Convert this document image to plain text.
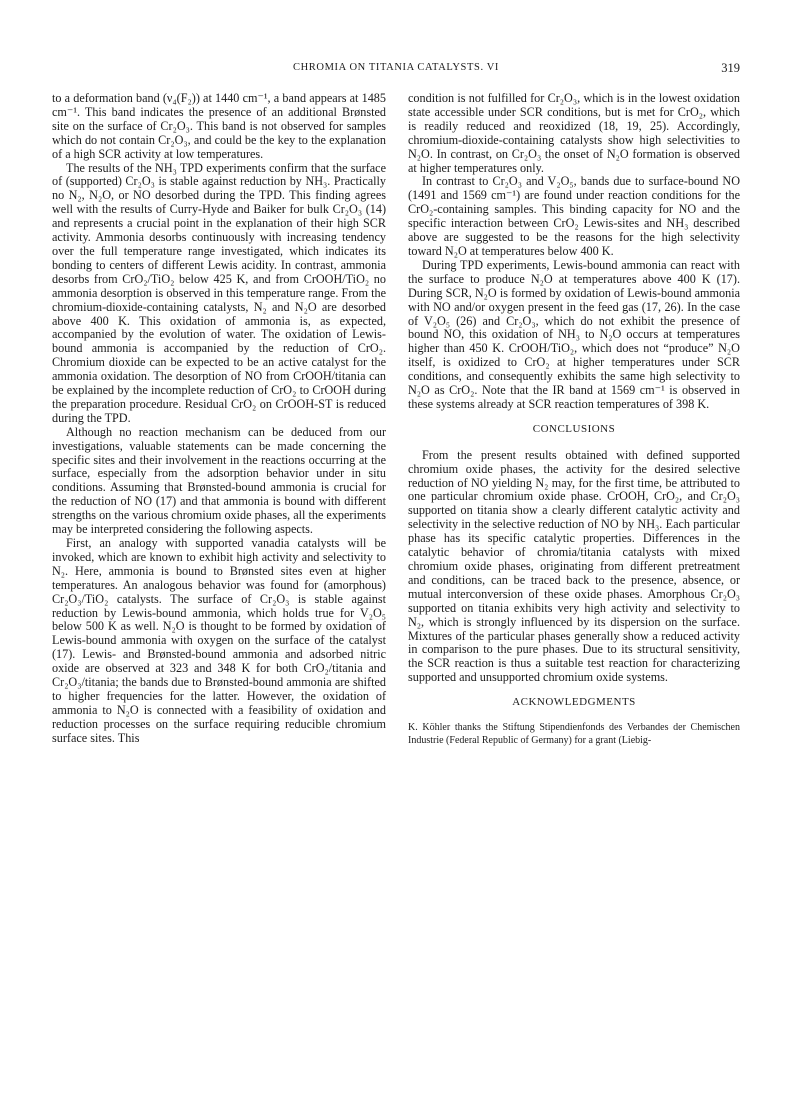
CHROMIA ON TITANIA CATALYSTS. VI	319

to a deformation band (ν₄(F₂)) at 1440 cm⁻¹, a band appears at 1485 cm⁻¹. This band indicates the presence of an additional Brønsted site on the surface of Cr₂O₃. This band is not observed for samples which do not contain Cr₂O₃, and could be the key to the explanation of a high SCR activity at low temperatures.

The results of the NH₃ TPD experiments confirm that the surface of (supported) Cr₂O₃ is stable against reduction by NH₃. Practically no N₂, N₂O, or NO desorbed during the TPD. This finding agrees well with the results of Curry-Hyde and Baiker for bulk Cr₂O₃ (14) and represents a crucial point in the explanation of their high SCR activity. Ammonia desorbs continuously with increasing tendency over the full temperature range investigated, which indicates its bonding to centers of different Lewis acidity. In contrast, ammonia desorbs from CrO₂/TiO₂ below 425 K, and from CrOOH/TiO₂ no ammonia desorption is observed in this temperature range. From the chromium-dioxide-containing catalysts, N₂ and N₂O are desorbed above 400 K. This oxidation of ammonia is, as expected, accompanied by the evolution of water. The oxidation of Lewis-bound ammonia is accompanied by the reduction of CrO₂. Chromium dioxide can be expected to be an active catalyst for the ammonia oxidation. The desorption of NO from CrOOH/titania can be explained by the incomplete reduction of CrO₂ to CrOOH during the preparation procedure. Residual CrO₂ on CrOOH-ST is reduced during the TPD.

Although no reaction mechanism can be deduced from our investigations, valuable statements can be made concerning the specific sites and their involvement in the reactions occurring at the surface, especially from the adsorption behavior under in situ conditions. Assuming that Brønsted-bound ammonia is crucial for the reduction of NO (17) and that ammonia is bound with different strengths on the various chromium oxide phases, all the experiments may be interpreted considering the following aspects.

First, an analogy with supported vanadia catalysts will be invoked, which are known to exhibit high activity and selectivity to N₂. Here, ammonia is bound to Brønsted sites even at higher temperatures. An analogous behavior was found for (amorphous) Cr₂O₃/TiO₂ catalysts. The surface of Cr₂O₃ is stable against reduction by Lewis-bound ammonia, which holds true for V₂O₅ below 500 K as well. N₂O is thought to be formed by oxidation of Lewis-bound ammonia with oxygen on the surface of the catalyst (17). Lewis- and Brønsted-bound ammonia and adsorbed nitric oxide are observed at 323 and 348 K for both CrO₂/titania and Cr₂O₃/titania; the bands due to Brønsted-bound ammonia are shifted to higher frequencies for the latter. However, the oxidation of ammonia to N₂O is connected with a feasibility of oxidation and reduction processes on the surface requiring reducible chromium surface sites. This

condition is not fulfilled for Cr₂O₃, which is in the lowest oxidation state accessible under SCR conditions, but is met for CrO₂, which is readily reduced and reoxidized (18, 19, 25). Accordingly, chromium-dioxide-containing catalysts show high selectivities to N₂O. In contrast, on Cr₂O₃ the onset of N₂O formation is observed at higher temperatures only.

In contrast to Cr₂O₃ and V₂O₅, bands due to surface-bound NO (1491 and 1569 cm⁻¹) are found under reaction conditions for the CrO₂-containing samples. This binding capacity for NO and the specific interaction between CrO₂ Lewis-sites and NH₃ described above are suggested to be the reasons for the high selectivity toward N₂O at temperatures below 400 K.

During TPD experiments, Lewis-bound ammonia can react with the surface to produce N₂O at temperatures above 400 K (17). During SCR, N₂O is formed by oxidation of Lewis-bound ammonia with NO and/or oxygen present in the feed gas (17, 26). In the case of V₂O₅ (26) and Cr₂O₃, which do not exhibit the presence of bound NO, this oxidation of NH₃ to N₂O occurs at temperatures higher than 450 K. CrOOH/TiO₂, which does not “produce” N₂O itself, is oxidized to CrO₂ at higher temperatures under SCR conditions, and consequently exhibits the same high selectivity to N₂O as CrO₂. Note that the IR band at 1569 cm⁻¹ is observed in these systems already at SCR reaction temperatures of 398 K.

CONCLUSIONS

From the present results obtained with defined supported chromium oxide phases, the activity for the desired selective reduction of NO yielding N₂ may, for the first time, be attributed to one particular chromium oxide phase. CrOOH, CrO₂, and Cr₂O₃ supported on titania show a clearly different catalytic activity and selectivity in the selective reduction of NO by NH₃. Each particular phase has its specific catalytic properties. Differences in the catalytic behavior of chromia/titania catalysts with mixed chromium oxide phases, originating from different pretreatment and conditions, can be traced back to the presence, absence, or mutual interconversion of these oxide phases. Amorphous Cr₂O₃ supported on titania exhibits very high activity and selectivity to N₂, which is strongly influenced by its dispersion on the surface. Mixtures of the particular phases generally show a reduced activity in comparison to the pure phases. Due to its structural sensitivity, the SCR reaction is thus a suitable test reaction for characterizing supported and unsupported chromium oxide systems.

ACKNOWLEDGMENTS

K. Köhler thanks the Stiftung Stipendienfonds des Verbandes der Chemischen Industrie (Federal Republic of Germany) for a grant (Liebig-
